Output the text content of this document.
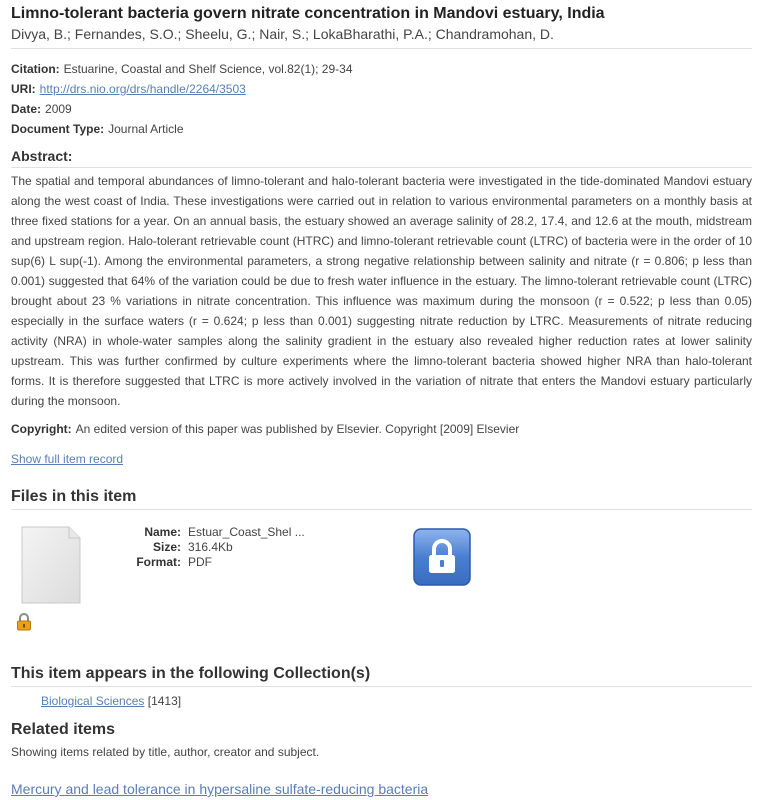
Limno-tolerant bacteria govern nitrate concentration in Mandovi estuary, India
Divya, B.; Fernandes, S.O.; Sheelu, G.; Nair, S.; LokaBharathi, P.A.; Chandramohan, D.
Citation: Estuarine, Coastal and Shelf Science, vol.82(1); 29-34
URI: http://drs.nio.org/drs/handle/2264/3503
Date: 2009
Document Type: Journal Article
Abstract:
The spatial and temporal abundances of limno-tolerant and halo-tolerant bacteria were investigated in the tide-dominated Mandovi estuary along the west coast of India. These investigations were carried out in relation to various environmental parameters on a monthly basis at three fixed stations for a year. On an annual basis, the estuary showed an average salinity of 28.2, 17.4, and 12.6 at the mouth, midstream and upstream region. Halo-tolerant retrievable count (HTRC) and limno-tolerant retrievable count (LTRC) of bacteria were in the order of 10 sup(6) L sup(-1). Among the environmental parameters, a strong negative relationship between salinity and nitrate (r = 0.806; p less than 0.001) suggested that 64% of the variation could be due to fresh water influence in the estuary. The limno-tolerant retrievable count (LTRC) brought about 23 % variations in nitrate concentration. This influence was maximum during the monsoon (r = 0.522; p less than 0.05) especially in the surface waters (r = 0.624; p less than 0.001) suggesting nitrate reduction by LTRC. Measurements of nitrate reducing activity (NRA) in whole-water samples along the salinity gradient in the estuary also revealed higher reduction rates at lower salinity upstream. This was further confirmed by culture experiments where the limno-tolerant bacteria showed higher NRA than halo-tolerant forms. It is therefore suggested that LTRC is more actively involved in the variation of nitrate that enters the Mandovi estuary particularly during the monsoon.
Copyright: An edited version of this paper was published by Elsevier. Copyright [2009] Elsevier
Show full item record
Files in this item
Name: Estuar_Coast_Shel ...
Size: 316.4Kb
Format: PDF
This item appears in the following Collection(s)
Biological Sciences [1413]
Related items
Showing items related by title, author, creator and subject.
Mercury and lead tolerance in hypersaline sulfate-reducing bacteria
